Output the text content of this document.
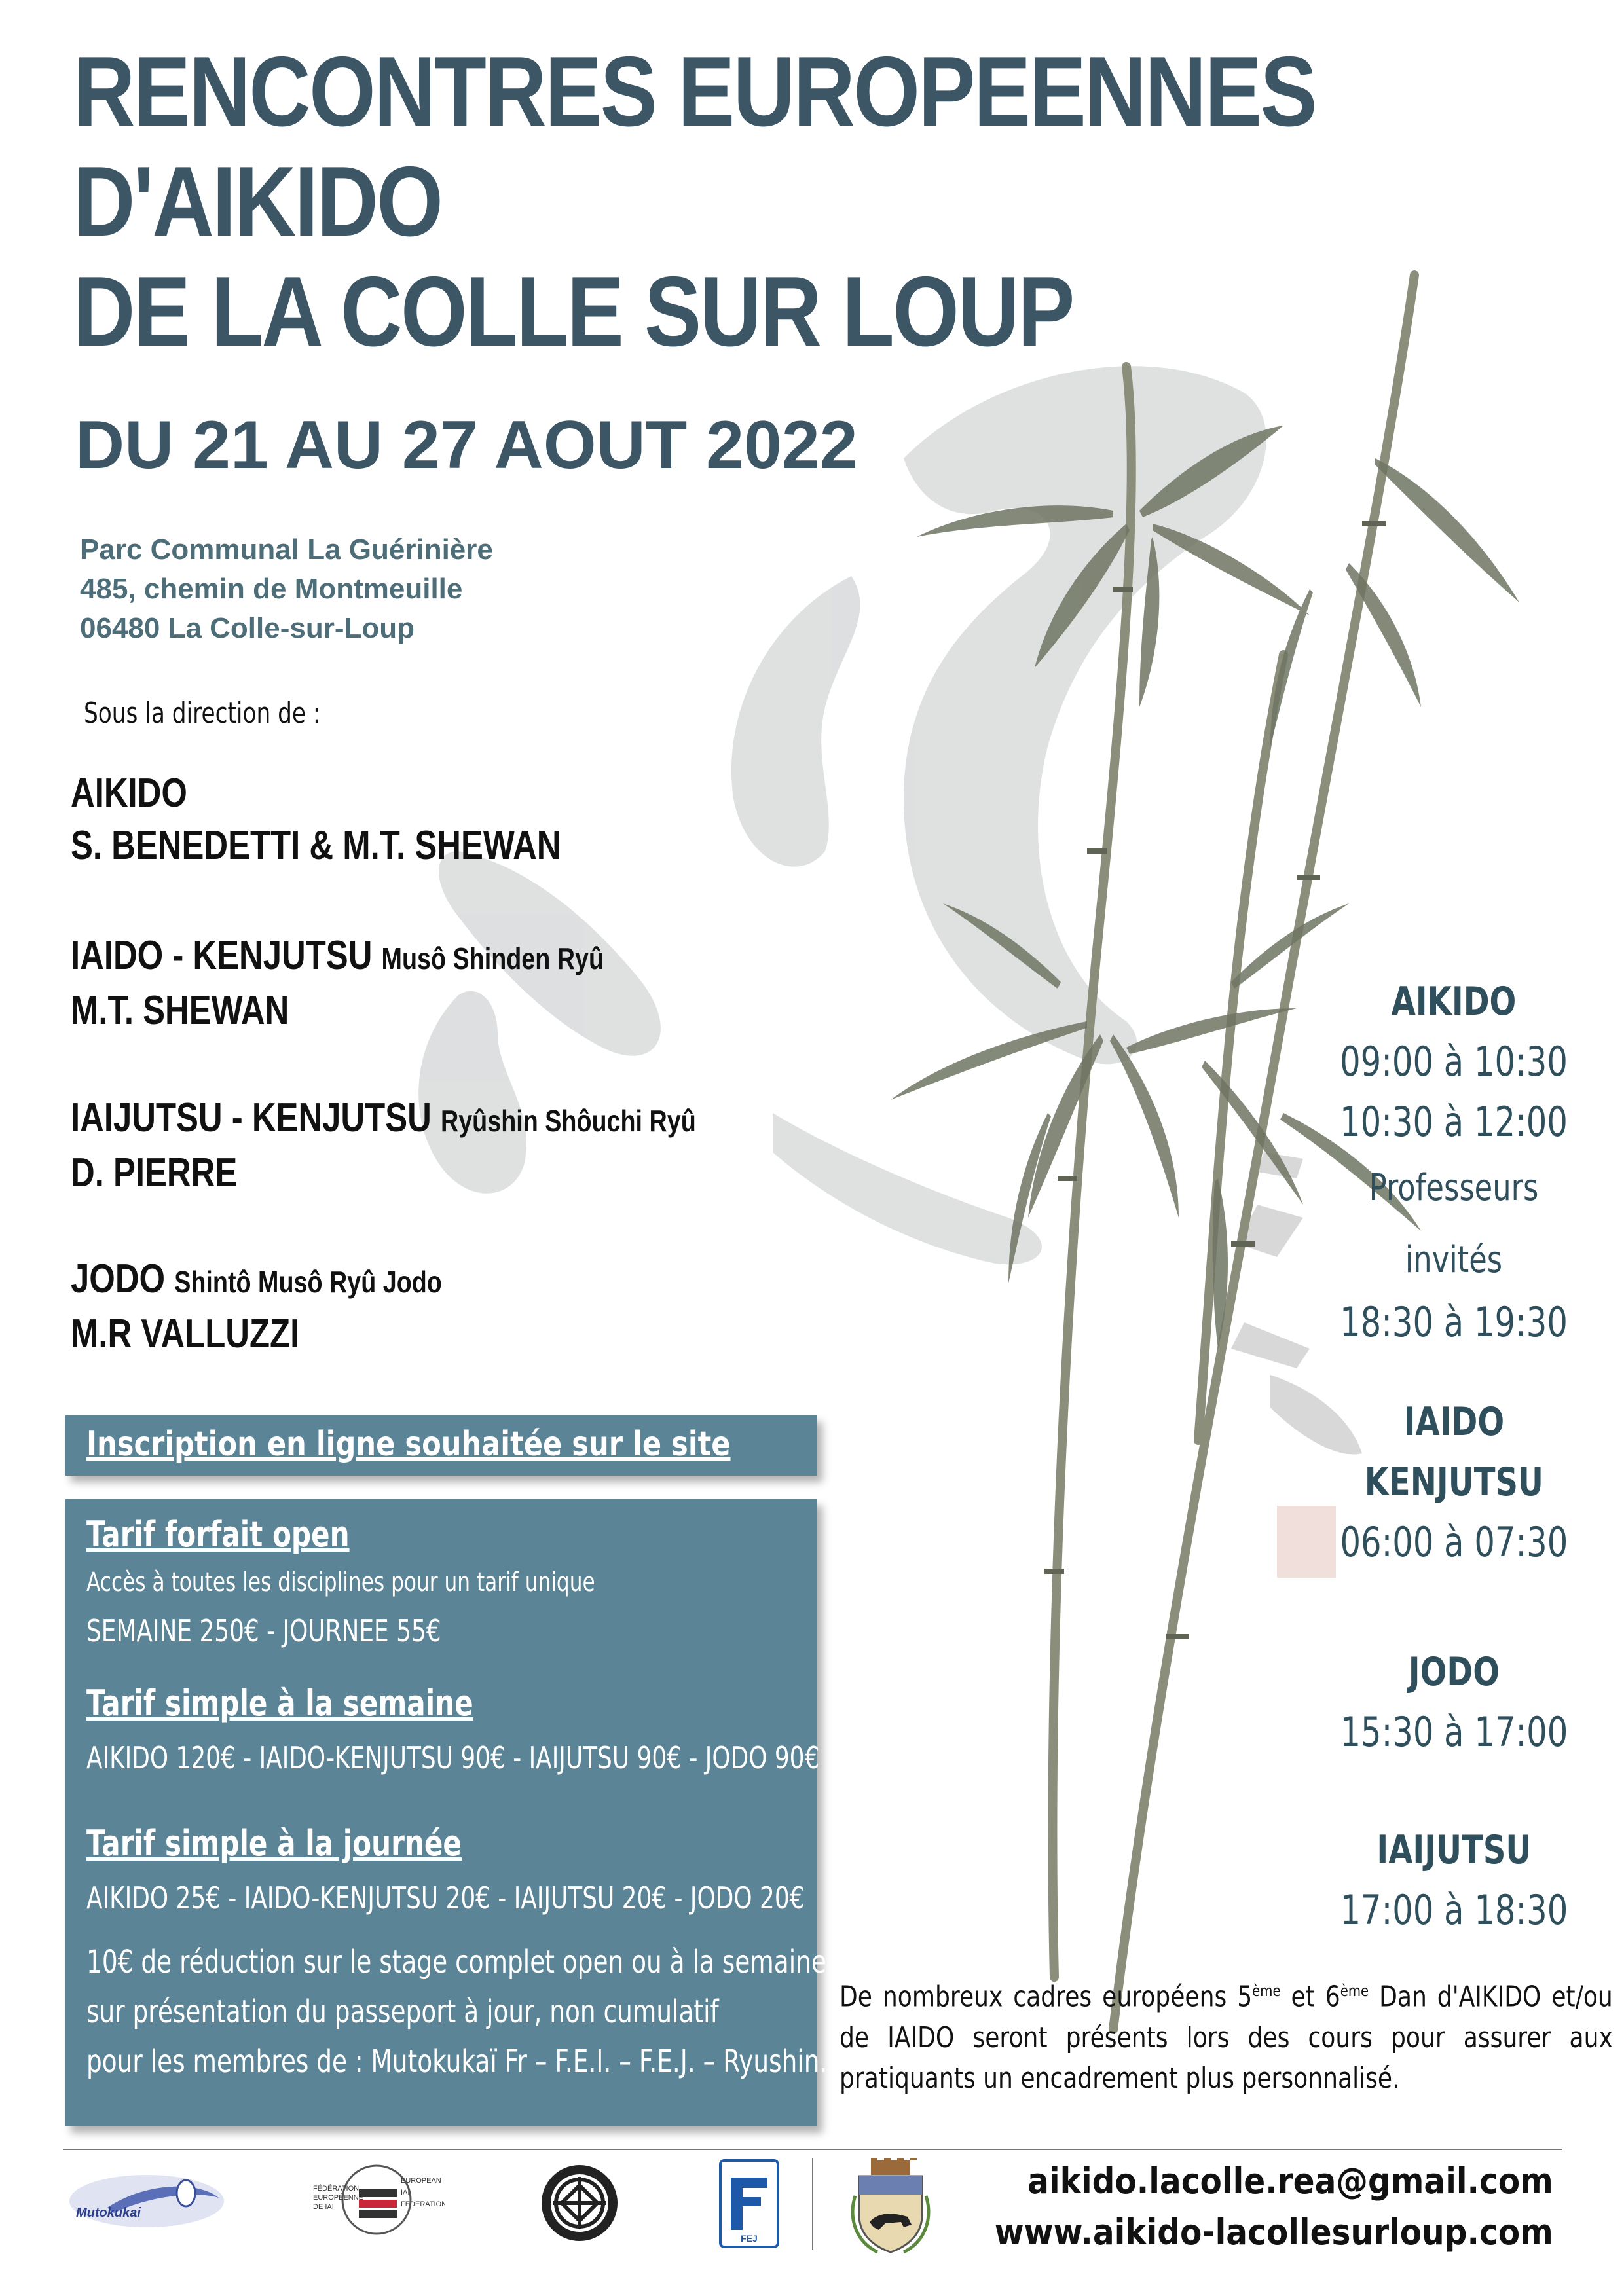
RENCONTRES EUROPEENNES
D'AIKIDO
DE LA COLLE SUR LOUP
DU 21 AU 27 AOUT 2022
Parc Communal La Guérinière
485, chemin de Montmeuille
06480 La Colle-sur-Loup
Sous la direction de :
AIKIDO
S. BENEDETTI & M.T. SHEWAN
IAIDO - KENJUTSU Musô Shinden Ryû
M.T. SHEWAN
IAIJUTSU - KENJUTSU Ryûshin Shôuchi Ryû
D. PIERRE
JODO Shintô Musô Ryû Jodo
M.R VALLUZZI
Inscription en ligne souhaitée sur le site
Tarif forfait open
Accès à toutes les disciplines pour un tarif unique
SEMAINE 250€ - JOURNEE 55€
Tarif simple à la semaine
AIKIDO 120€ - IAIDO-KENJUTSU 90€ - IAIJUTSU 90€ - JODO 90€
Tarif simple à la journée
AIKIDO 25€ - IAIDO-KENJUTSU 20€ - IAIJUTSU 20€ - JODO 20€
10€ de réduction sur le stage complet open ou à la semaine
sur présentation du passeport à jour, non cumulatif
pour les membres de : Mutokukaï Fr – F.E.I. – F.E.J. – Ryushin.
AIKIDO
09:00 à 10:30
10:30 à 12:00
Professeurs invités
18:30 à 19:30
IAIDO
KENJUTSU
06:00 à 07:30
JODO
15:30 à 17:00
IAIJUTSU
17:00 à 18:30
De nombreux cadres européens 5ème et 6ème Dan d'AIKIDO et/ou de IAIDO seront présents lors des cours pour assurer aux pratiquants un encadrement plus personnalisé.
Mutokukai
FÉDÉRATION
EUROPÉENNE
DE IAI
EUROPEAN
IAI
FEDERATION
FEJ
aikido.lacolle.rea@gmail.com
www.aikido-lacollesurloup.com
